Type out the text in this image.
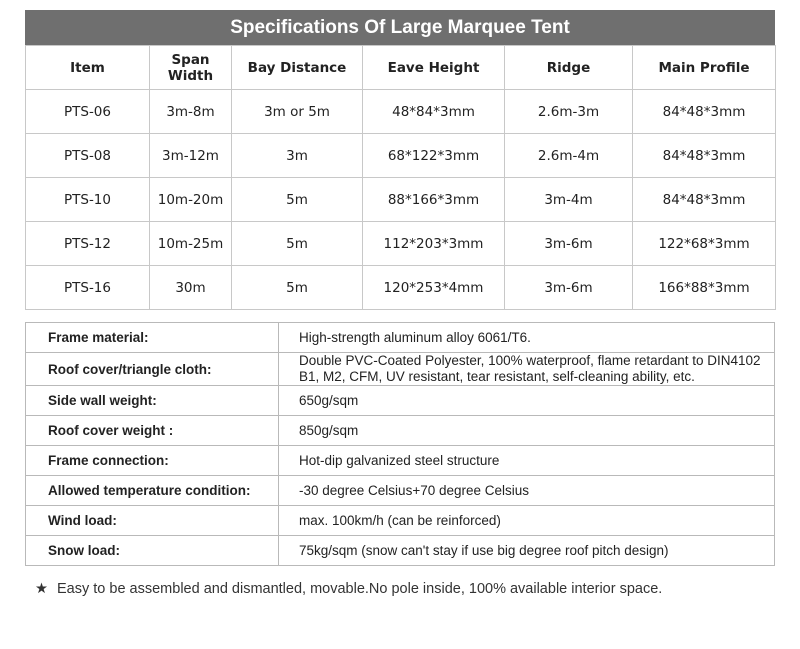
Specifications Of Large Marquee Tent
Item	Span Width	Bay Distance	Eave Height	Ridge	Main Profile
PTS-06	3m-8m	3m or 5m	48*84*3mm	2.6m-3m	84*48*3mm
PTS-08	3m-12m	3m	68*122*3mm	2.6m-4m	84*48*3mm
PTS-10	10m-20m	5m	88*166*3mm	3m-4m	84*48*3mm
PTS-12	10m-25m	5m	112*203*3mm	3m-6m	122*68*3mm
PTS-16	30m	5m	120*253*4mm	3m-6m	166*88*3mm
Frame material:	High-strength aluminum alloy 6061/T6.
Roof cover/triangle cloth:	Double PVC-Coated Polyester, 100% waterproof, flame retardant to DIN4102 B1, M2, CFM, UV resistant, tear resistant, self-cleaning ability, etc.
Side wall weight:	650g/sqm
Roof cover weight :	850g/sqm
Frame connection:	Hot-dip galvanized steel structure
Allowed temperature condition:	-30 degree Celsius+70 degree Celsius
Wind load:	max. 100km/h (can be reinforced)
Snow load:	75kg/sqm (snow can't stay if use big degree roof pitch design)
★ Easy to be assembled and dismantled, movable.No pole inside, 100% available interior space.
